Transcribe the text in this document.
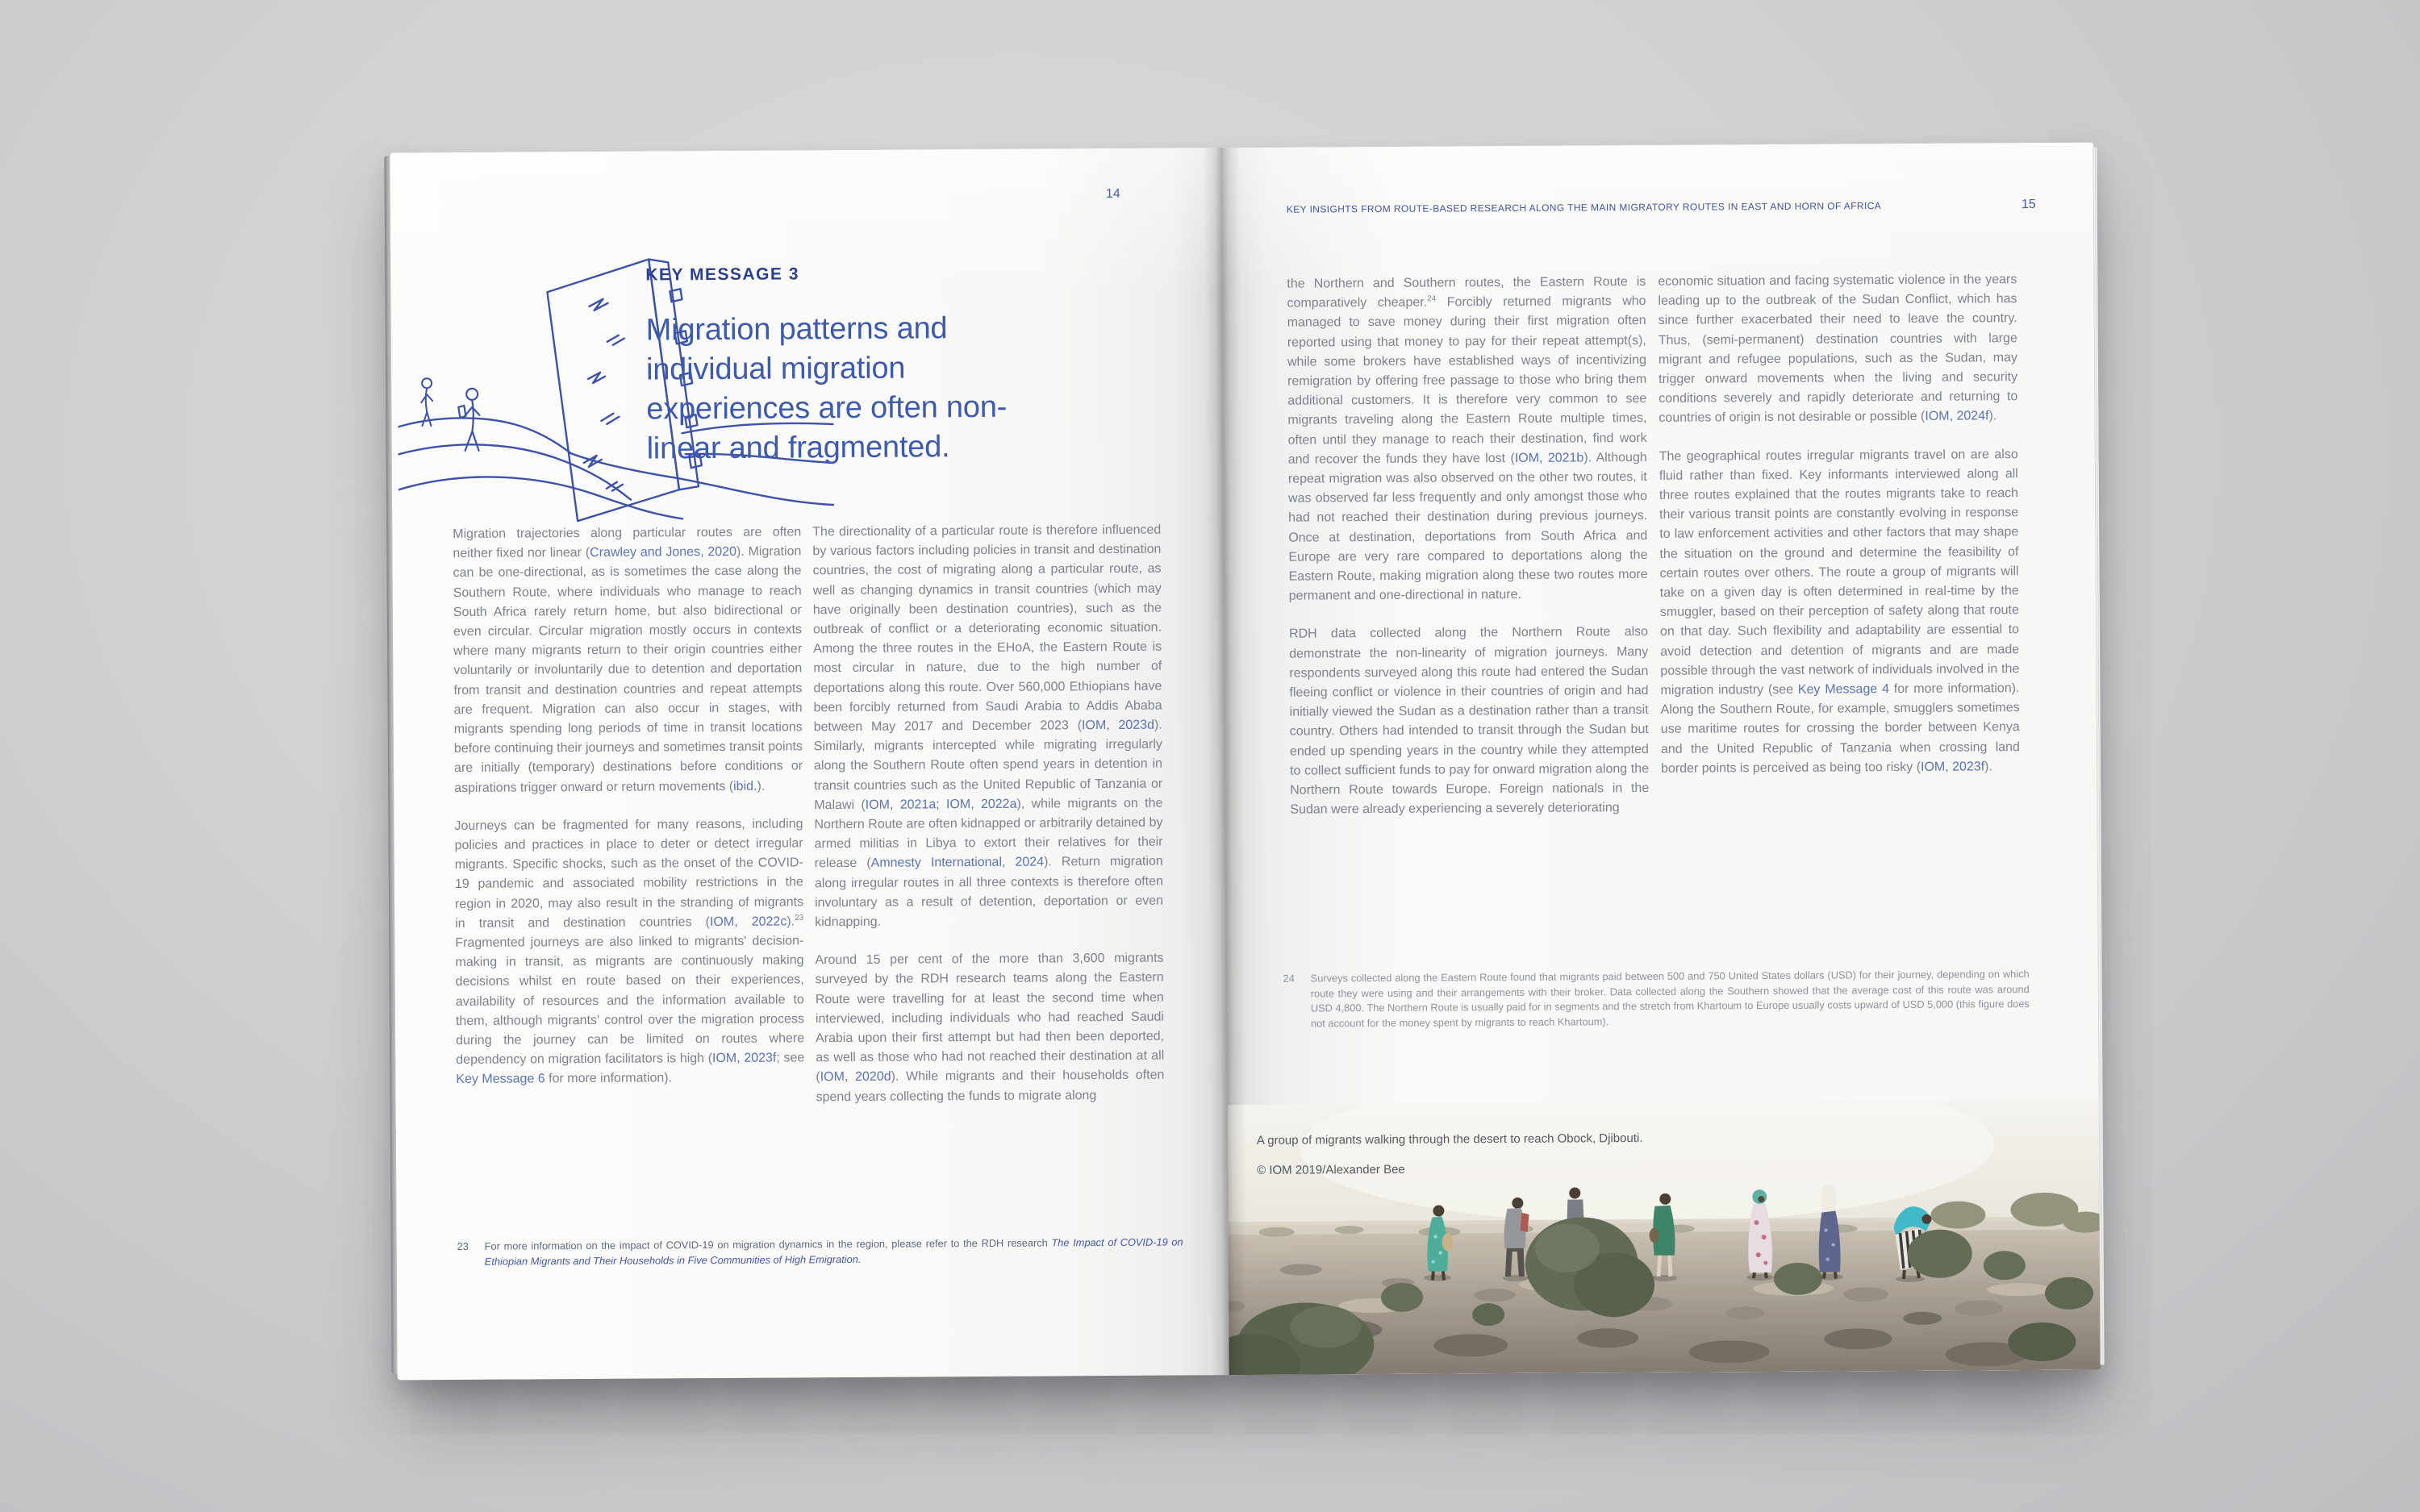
14
KEY MESSAGE 3
Migration patterns and individual migration experiences are often non-linear and fragmented.

Migration trajectories along particular routes are often neither fixed nor linear (Crawley and Jones, 2020). Migration can be one-directional, as is sometimes the case along the Southern Route, where individuals who manage to reach South Africa rarely return home, but also bidirectional or even circular. Circular migration mostly occurs in contexts where many migrants return to their origin countries either voluntarily or involuntarily due to detention and deportation from transit and destination countries and repeat attempts are frequent. Migration can also occur in stages, with migrants spending long periods of time in transit locations before continuing their journeys and sometimes transit points are initially (temporary) destinations before conditions or aspirations trigger onward or return movements (ibid.).

Journeys can be fragmented for many reasons, including policies and practices in place to deter or detect irregular migrants. Specific shocks, such as the onset of the COVID-19 pandemic and associated mobility restrictions in the region in 2020, may also result in the stranding of migrants in transit and destination countries (IOM, 2022c).$^{23}$ Fragmented journeys are also linked to migrants' decision-making in transit, as migrants are continuously making decisions whilst en route based on their experiences, availability of resources and the information available to them, although migrants' control over the migration process during the journey can be limited on routes where dependency on migration facilitators is high (IOM, 2023f; see Key Message 6 for more information).

The directionality of a particular route is therefore influenced by various factors including policies in transit and destination countries, the cost of migrating along a particular route, as well as changing dynamics in transit countries (which may have originally been destination countries), such as the outbreak of conflict or a deteriorating economic situation. Among the three routes in the EHoA, the Eastern Route is most circular in nature, due to the high number of deportations along this route. Over 560,000 Ethiopians have been forcibly returned from Saudi Arabia to Addis Ababa between May 2017 and December 2023 (IOM, 2023d). Similarly, migrants intercepted while migrating irregularly along the Southern Route often spend years in detention in transit countries such as the United Republic of Tanzania or Malawi (IOM, 2021a; IOM, 2022a), while migrants on the Northern Route are often kidnapped or arbitrarily detained by armed militias in Libya to extort their relatives for their release (Amnesty International, 2024). Return migration along irregular routes in all three contexts is therefore often involuntary as a result of detention, deportation or even kidnapping.

Around 15 per cent of the more than 3,600 migrants surveyed by the RDH research teams along the Eastern Route were travelling for at least the second time when interviewed, including individuals who had reached Saudi Arabia upon their first attempt but had then been deported, as well as those who had not reached their destination at all (IOM, 2020d). While migrants and their households often spend years collecting the funds to migrate along

23	For more information on the impact of COVID-19 on migration dynamics in the region, please refer to the RDH research The Impact of COVID-19 on Ethiopian Migrants and Their Households in Five Communities of High Emigration.
KEY INSIGHTS FROM ROUTE-BASED RESEARCH ALONG THE MAIN MIGRATORY ROUTES IN EAST AND HORN OF AFRICA	15

the Northern and Southern routes, the Eastern Route is comparatively cheaper.$^{24}$ Forcibly returned migrants who managed to save money during their first migration often reported using that money to pay for their repeat attempt(s), while some brokers have established ways of incentivizing remigration by offering free passage to those who bring them additional customers. It is therefore very common to see migrants traveling along the Eastern Route multiple times, often until they manage to reach their destination, find work and recover the funds they have lost (IOM, 2021b). Although repeat migration was also observed on the other two routes, it was observed far less frequently and only amongst those who had not reached their destination during previous journeys. Once at destination, deportations from South Africa and Europe are very rare compared to deportations along the Eastern Route, making migration along these two routes more permanent and one-directional in nature.

RDH data collected along the Northern Route also demonstrate the non-linearity of migration journeys. Many respondents surveyed along this route had entered the Sudan fleeing conflict or violence in their countries of origin and had initially viewed the Sudan as a destination rather than a transit country. Others had intended to transit through the Sudan but ended up spending years in the country while they attempted to collect sufficient funds to pay for onward migration along the Northern Route towards Europe. Foreign nationals in the Sudan were already experiencing a severely deteriorating

economic situation and facing systematic violence in the years leading up to the outbreak of the Sudan Conflict, which has since further exacerbated their need to leave the country. Thus, (semi-permanent) destination countries with large migrant and refugee populations, such as the Sudan, may trigger onward movements when the living and security conditions severely and rapidly deteriorate and returning to countries of origin is not desirable or possible (IOM, 2024f).

The geographical routes irregular migrants travel on are also fluid rather than fixed. Key informants interviewed along all three routes explained that the routes migrants take to reach their various transit points are constantly evolving in response to law enforcement activities and other factors that may shape the situation on the ground and determine the feasibility of certain routes over others. The route a group of migrants will take on a given day is often determined in real-time by the smuggler, based on their perception of safety along that route on that day. Such flexibility and adaptability are essential to avoid detection and detention of migrants and are made possible through the vast network of individuals involved in the migration industry (see Key Message 4 for more information). Along the Southern Route, for example, smugglers sometimes use maritime routes for crossing the border between Kenya and the United Republic of Tanzania when crossing land border points is perceived as being too risky (IOM, 2023f).

24	Surveys collected along the Eastern Route found that migrants paid between 500 and 750 United States dollars (USD) for their journey, depending on which route they were using and their arrangements with their broker. Data collected along the Southern showed that the average cost of this route was around USD 4,800. The Northern Route is usually paid for in segments and the stretch from Khartoum to Europe usually costs upward of USD 5,000 (this figure does not account for the money spent by migrants to reach Khartoum).
A group of migrants walking through the desert to reach Obock, Djibouti.
© IOM 2019/Alexander Bee
